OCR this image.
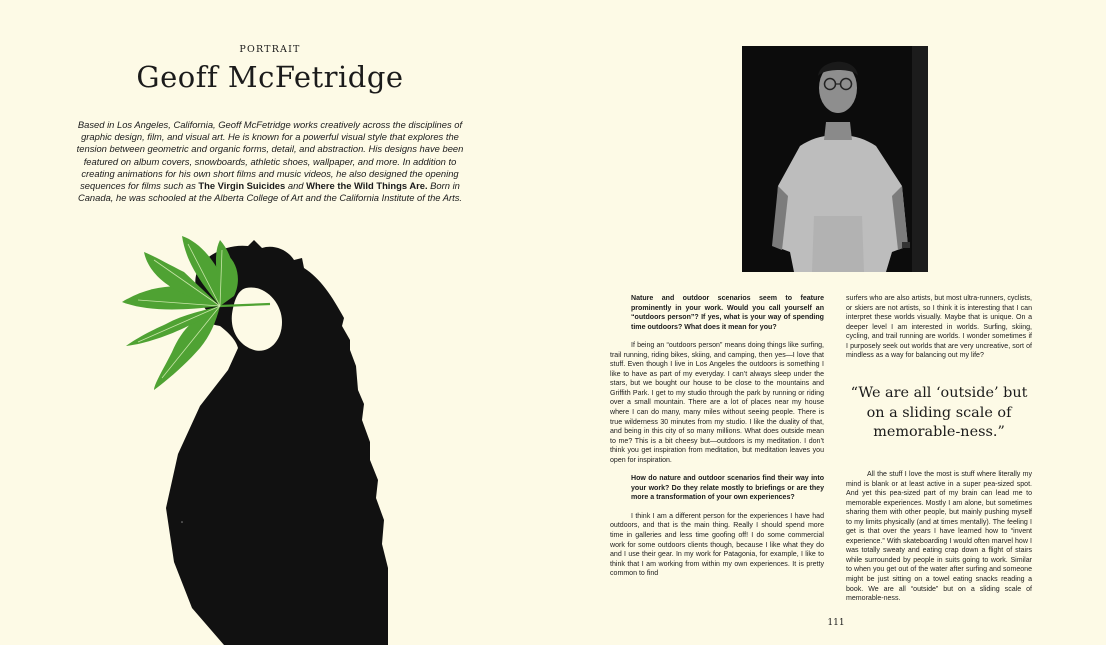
PORTRAIT
Geoff McFetridge
Based in Los Angeles, California, Geoff McFetridge works creatively across the disciplines of graphic design, film, and visual art. He is known for a powerful visual style that explores the tension between geometric and organic forms, detail, and abstraction. His designs have been featured on album covers, snowboards, athletic shoes, wallpaper, and more. In addition to creating animations for his own short films and music videos, he also designed the opening sequences for films such as The Virgin Suicides and Where the Wild Things Are. Born in Canada, he was schooled at the Alberta College of Art and the California Institute of the Arts.

Nature and outdoor scenarios seem to feature prominently in your work. Would you call yourself an “outdoors person”? If yes, what is your way of spending time outdoors? What does it mean for you?

If being an “outdoors person” means doing things like surfing, trail running, riding bikes, skiing, and camping, then yes—I love that stuff. Even though I live in Los Angeles the outdoors is something I like to have as part of my everyday. I can’t always sleep under the stars, but we bought our house to be close to the mountains and Griffith Park. I get to my studio through the park by running or riding over a small mountain. There are a lot of places near my house where I can do many, many miles without seeing people. There is true wilderness 30 minutes from my studio. I like the duality of that, and being in this city of so many millions. What does outside mean to me? This is a bit cheesy but—outdoors is my meditation. I don’t think you get inspiration from meditation, but meditation leaves you open for inspiration.

How do nature and outdoor scenarios find their way into your work? Do they relate mostly to briefings or are they more a transformation of your own experiences?

I think I am a different person for the experiences I have had outdoors, and that is the main thing. Really I should spend more time in galleries and less time goofing off! I do some commercial work for some outdoors clients though, because I like what they do and I use their gear. In my work for Patagonia, for example, I like to think that I am working from within my own experiences. It is pretty common to find

surfers who are also artists, but most ultra-runners, cyclists, or skiers are not artists, so I think it is interesting that I can interpret these worlds visually. Maybe that is unique. On a deeper level I am interested in worlds. Surfing, skiing, cycling, and trail running are worlds. I wonder sometimes if I purposely seek out worlds that are very uncreative, sort of mindless as a way for balancing out my life?

“We are all ‘outside’ but on a sliding scale of memorable-ness.”

All the stuff I love the most is stuff where literally my mind is blank or at least active in a super pea-sized spot. And yet this pea-sized part of my brain can lead me to memorable experiences. Mostly I am alone, but sometimes sharing them with other people, but mainly pushing myself to my limits physically (and at times mentally). The feeling I get is that over the years I have learned how to “invent experience.” With skateboarding I would often marvel how I was totally sweaty and eating crap down a flight of stairs while surrounded by people in suits going to work. Similar to when you get out of the water after surfing and someone might be just sitting on a towel eating snacks reading a book. We are all “outside” but on a sliding scale of memorable-ness.

111
